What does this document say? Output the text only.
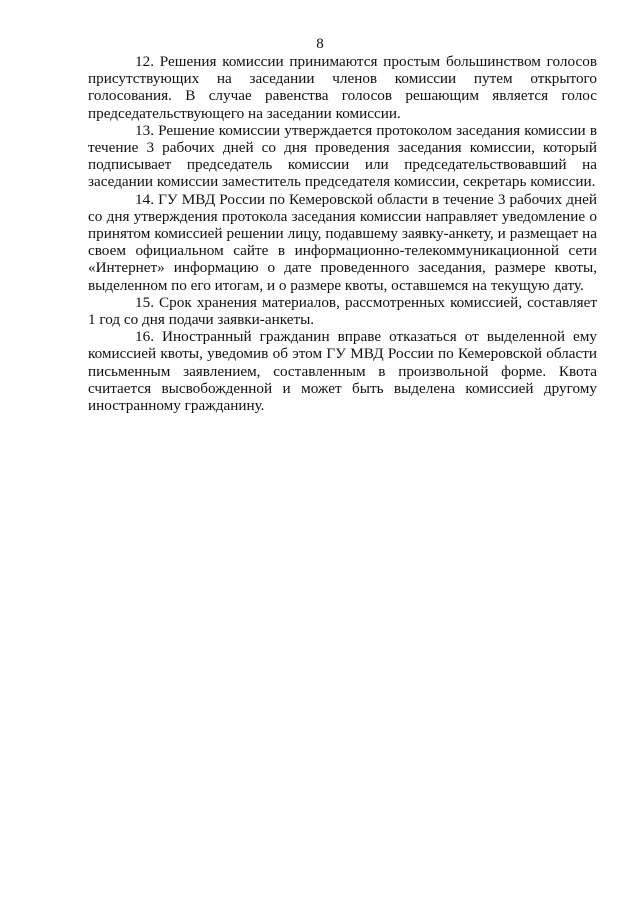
8

12. Решения комиссии принимаются простым большинством голосов присутствующих на заседании членов комиссии путем открытого голосования. В случае равенства голосов решающим является голос председательствующего на заседании комиссии.

13. Решение комиссии утверждается протоколом заседания комиссии в течение 3 рабочих дней со дня проведения заседания комиссии, который подписывает председатель комиссии или председательствовавший на заседании комиссии заместитель председателя комиссии, секретарь комиссии.

14. ГУ МВД России по Кемеровской области в течение 3 рабочих дней со дня утверждения протокола заседания комиссии направляет уведомление о принятом комиссией решении лицу, подавшему заявку-анкету, и размещает на своем официальном сайте в информационно-телекоммуникационной сети «Интернет» информацию о дате проведенного заседания, размере квоты, выделенном по его итогам, и о размере квоты, оставшемся на текущую дату.

15. Срок хранения материалов, рассмотренных комиссией, составляет 1 год со дня подачи заявки-анкеты.

16. Иностранный гражданин вправе отказаться от выделенной ему комиссией квоты, уведомив об этом ГУ МВД России по Кемеровской области письменным заявлением, составленным в произвольной форме. Квота считается высвобожденной и может быть выделена комиссией другому иностранному гражданину.
